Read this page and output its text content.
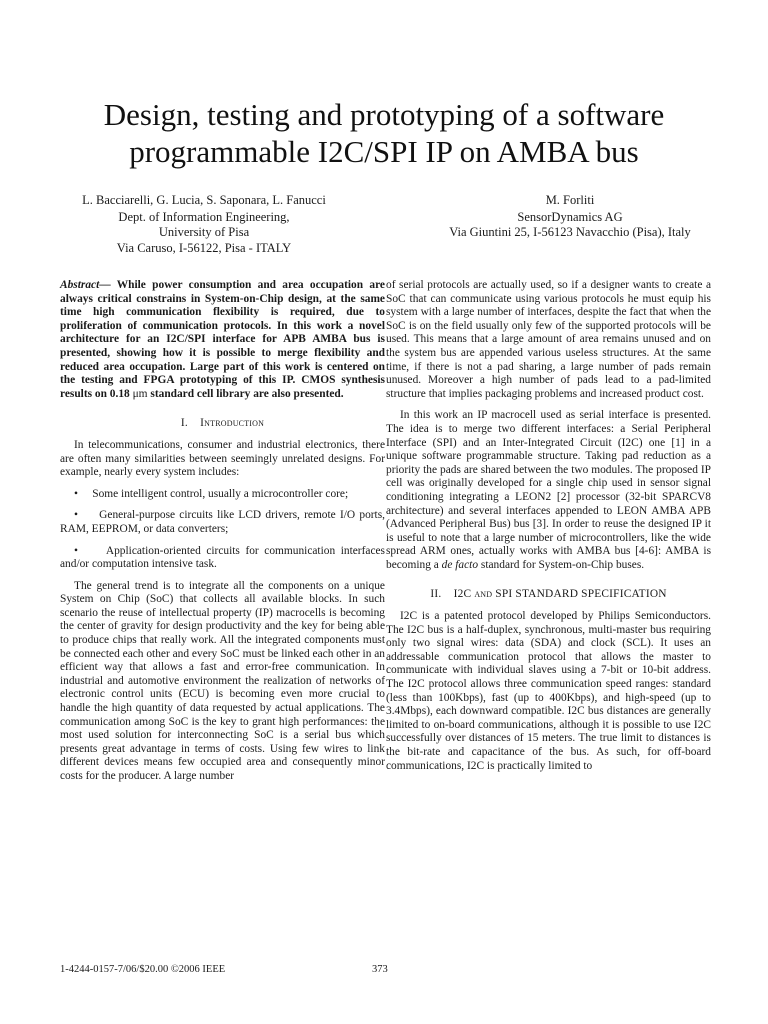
Design, testing and prototyping of a software
programmable I2C/SPI IP on AMBA bus
L. Bacciarelli, G. Lucia, S. Saponara, L. Fanucci
Dept. of Information Engineering,
University of Pisa
Via Caruso, I-56122, Pisa - ITALY
M. Forliti
SensorDynamics AG
Via Giuntini 25, I-56123 Navacchio (Pisa), Italy

Abstract— While power consumption and area occupation are always critical constrains in System-on-Chip design, at the same time high communication flexibility is required, due to proliferation of communication protocols. In this work a novel architecture for an I2C/SPI interface for APB AMBA bus is presented, showing how it is possible to merge flexibility and reduced area occupation. Large part of this work is centered on the testing and FPGA prototyping of this IP. CMOS synthesis results on 0.18 μm standard cell library are also presented.

I. Introduction

In telecommunications, consumer and industrial electronics, there are often many similarities between seemingly unrelated designs. For example, nearly every system includes:

• Some intelligent control, usually a microcontroller core;

• General-purpose circuits like LCD drivers, remote I/O ports, RAM, EEPROM, or data converters;

• Application-oriented circuits for communication interfaces and/or computation intensive task.

The general trend is to integrate all the components on a unique System on Chip (SoC) that collects all available blocks. In such scenario the reuse of intellectual property (IP) macrocells is becoming the center of gravity for design productivity and the key for being able to produce chips that really work. All the integrated components must be connected each other and every SoC must be linked each other in an efficient way that allows a fast and error-free communication. In industrial and automotive environment the realization of networks of electronic control units (ECU) is becoming even more crucial to handle the high quantity of data requested by actual applications. The communication among SoC is the key to grant high performances: the most used solution for interconnecting SoC is a serial bus which presents great advantage in terms of costs. Using few wires to link different devices means few occupied area and consequently minor costs for the producer. A large number

of serial protocols are actually used, so if a designer wants to create a SoC that can communicate using various protocols he must equip his system with a large number of interfaces, despite the fact that when the SoC is on the field usually only few of the supported protocols will be used. This means that a large amount of area remains unused and on the system bus are appended various useless structures. At the same time, if there is not a pad sharing, a large number of pads remain unused. Moreover a high number of pads lead to a pad-limited structure that implies packaging problems and increased product cost.

In this work an IP macrocell used as serial interface is presented. The idea is to merge two different interfaces: a Serial Peripheral Interface (SPI) and an Inter-Integrated Circuit (I2C) one [1] in a unique software programmable structure. Taking pad reduction as a priority the pads are shared between the two modules. The proposed IP cell was originally developed for a single chip used in sensor signal conditioning integrating a LEON2 [2] processor (32-bit SPARCV8 architecture) and several interfaces appended to LEON AMBA APB (Advanced Peripheral Bus) bus [3]. In order to reuse the designed IP it is useful to note that a large number of microcontrollers, like the wide spread ARM ones, actually works with AMBA bus [4-6]: AMBA is becoming a de facto standard for System-on-Chip buses.

II. I2C and SPI STANDARD SPECIFICATION

I2C is a patented protocol developed by Philips Semiconductors. The I2C bus is a half-duplex, synchronous, multi-master bus requiring only two signal wires: data (SDA) and clock (SCL). It uses an addressable communication protocol that allows the master to communicate with individual slaves using a 7-bit or 10-bit address. The I2C protocol allows three communication speed ranges: standard (less than 100Kbps), fast (up to 400Kbps), and high-speed (up to 3.4Mbps), each downward compatible. I2C bus distances are generally limited to on-board communications, although it is possible to use I2C successfully over distances of 15 meters. The true limit to distances is the bit-rate and capacitance of the bus. As such, for off-board communications, I2C is practically limited to

1-4244-0157-7/06/$20.00 ©2006 IEEE	373
